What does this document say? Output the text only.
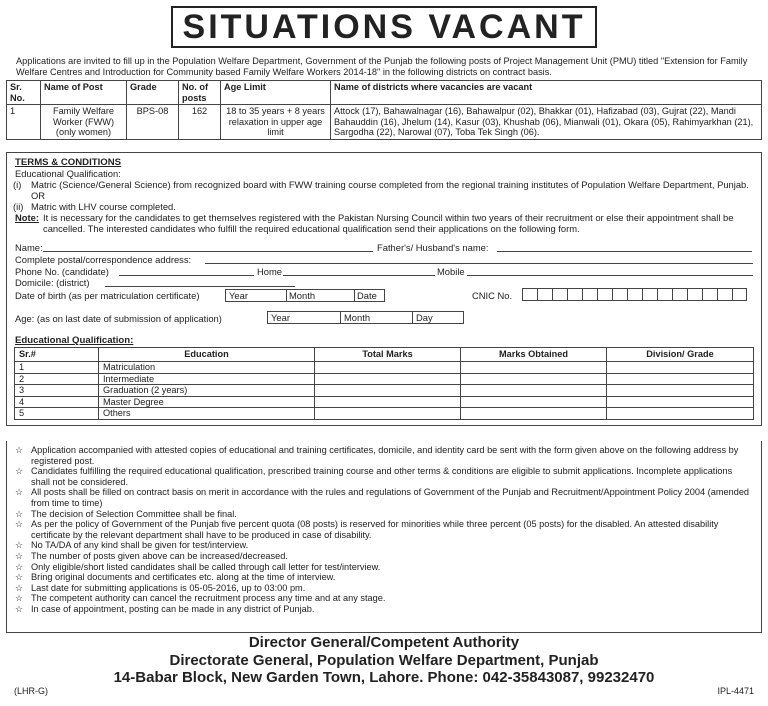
SITUATIONS VACANT
Applications are invited to fill up in the Population Welfare Department, Government of the Punjab the following posts of Project Management Unit (PMU) titled "Extension for Family Welfare Centres and Introduction for Community based Family Welfare Workers 2014-18" in the following districts on contract basis.
Sr. No.	Name of Post	Grade	No. of posts	Age Limit	Name of districts where vacancies are vacant
1	Family Welfare Worker (FWW) (only women)	BPS-08	162	18 to 35 years + 8 years relaxation in upper age limit	Attock (17), Bahawalnagar (16), Bahawalpur (02), Bhakkar (01), Hafizabad (03), Gujrat (22), Mandi Bahauddin (16), Jhelum (14), Kasur (03), Khushab (06), Mianwali (01), Okara (05), Rahimyarkhan (21), Sargodha (22), Narowal (07), Toba Tek Singh (06).
TERMS & CONDITIONS
Educational Qualification:
(i)	Matric (Science/General Science) from recognized board with FWW training course completed from the regional training institutes of Population Welfare Department, Punjab. OR
(ii) Matric with LHV course completed.
Note: It is necessary for the candidates to get themselves registered with the Pakistan Nursing Council within two years of their recruitment or else their appointment shall be cancelled. The interested candidates who fulfill the required educational qualification send their applications on the following form.
Name:	Father's/ Husband's name:
Complete postal/correspondence address:
Phone No. (candidate)	Home	Mobile
Domicile: (district)
Date of birth (as per matriculation certificate)	Year	Month	Date	CNIC No.
Age: (as on last date of submission of application)	Year	Month	Day
Educational Qualification:
Sr.#	Education	Total Marks	Marks Obtained	Division/ Grade
1	Matriculation			
2	Intermediate			
3	Graduation (2 years)			
4	Master Degree			
5	Others			
☆ Application accompanied with attested copies of educational and training certificates, domicile, and identity card be sent with the form given above on the following address by registered post.
☆ Candidates fulfilling the required educational qualification, prescribed training course and other terms & conditions are eligible to submit applications. Incomplete applications shall not be considered.
☆ All posts shall be filled on contract basis on merit in accordance with the rules and regulations of Government of the Punjab and Recruitment/Appointment Policy 2004 (amended from time to time)
☆ The decision of Selection Committee shall be final.
☆ As per the policy of Government of the Punjab five percent quota (08 posts) is reserved for minorities while three percent (05 posts) for the disabled. An attested disability certificate by the relevant department shall have to be produced in case of disability.
☆ No TA/DA of any kind shall be given for test/interview.
☆ The number of posts given above can be increased/decreased.
☆ Only eligible/short listed candidates shall be called through call letter for test/interview.
☆ Bring original documents and certificates etc. along at the time of interview.
☆ Last date for submitting applications is 05-05-2016, up to 03:00 pm.
☆ The competent authority can cancel the recruitment process any time and at any stage.
☆ In case of appointment, posting can be made in any district of Punjab.
Director General/Competent Authority
Directorate General, Population Welfare Department, Punjab
14-Babar Block, New Garden Town, Lahore. Phone: 042-35843087, 99232470
(LHR-G)	IPL-4471
